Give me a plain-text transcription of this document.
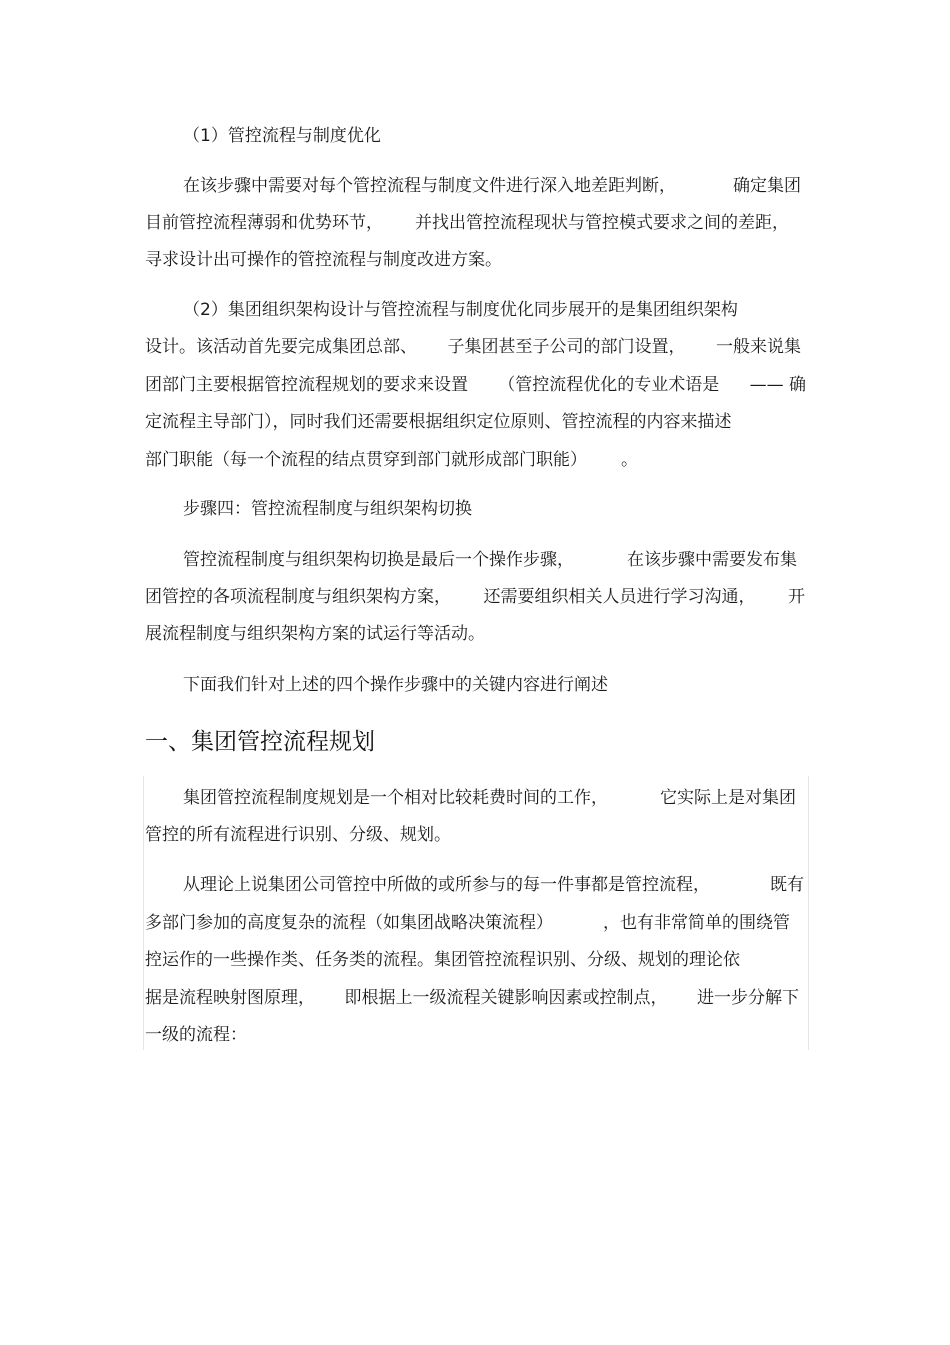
（1）管控流程与制度优化
在该步骤中需要对每个管控流程与制度文件进行深入地差距判断，	确定集团
目前管控流程薄弱和优势环节， 并找出管控流程现状与管控模式要求之间的差距，
寻求设计出可操作的管控流程与制度改进方案。
（2）集团组织架构设计与管控流程与制度优化同步展开的是集团组织架构
设计。该活动首先要完成集团总部、 子集团甚至子公司的部门设置， 一般来说集
团部门主要根据管控流程规划的要求来设置 （管控流程优化的专业术语是 —— 确
定流程主导部门），同时我们还需要根据组织定位原则、管控流程的内容来描述
部门职能（每一个流程的结点贯穿到部门就形成部门职能） 。
步骤四：管控流程制度与组织架构切换
管控流程制度与组织架构切换是最后一个操作步骤，	在该步骤中需要发布集
团管控的各项流程制度与组织架构方案， 还需要组织相关人员进行学习沟通， 开
展流程制度与组织架构方案的试运行等活动。
下面我们针对上述的四个操作步骤中的关键内容进行阐述
一、集团管控流程规划
集团管控流程制度规划是一个相对比较耗费时间的工作，	它实际上是对集团
管控的所有流程进行识别、分级、规划。
从理论上说集团公司管控中所做的或所参与的每一件事都是管控流程，	既有
多部门参加的高度复杂的流程（如集团战略决策流程）	，也有非常简单的围绕管
控运作的一些操作类、任务类的流程。集团管控流程识别、分级、规划的理论依
据是流程映射图原理， 即根据上一级流程关键影响因素或控制点， 进一步分解下
一级的流程：
